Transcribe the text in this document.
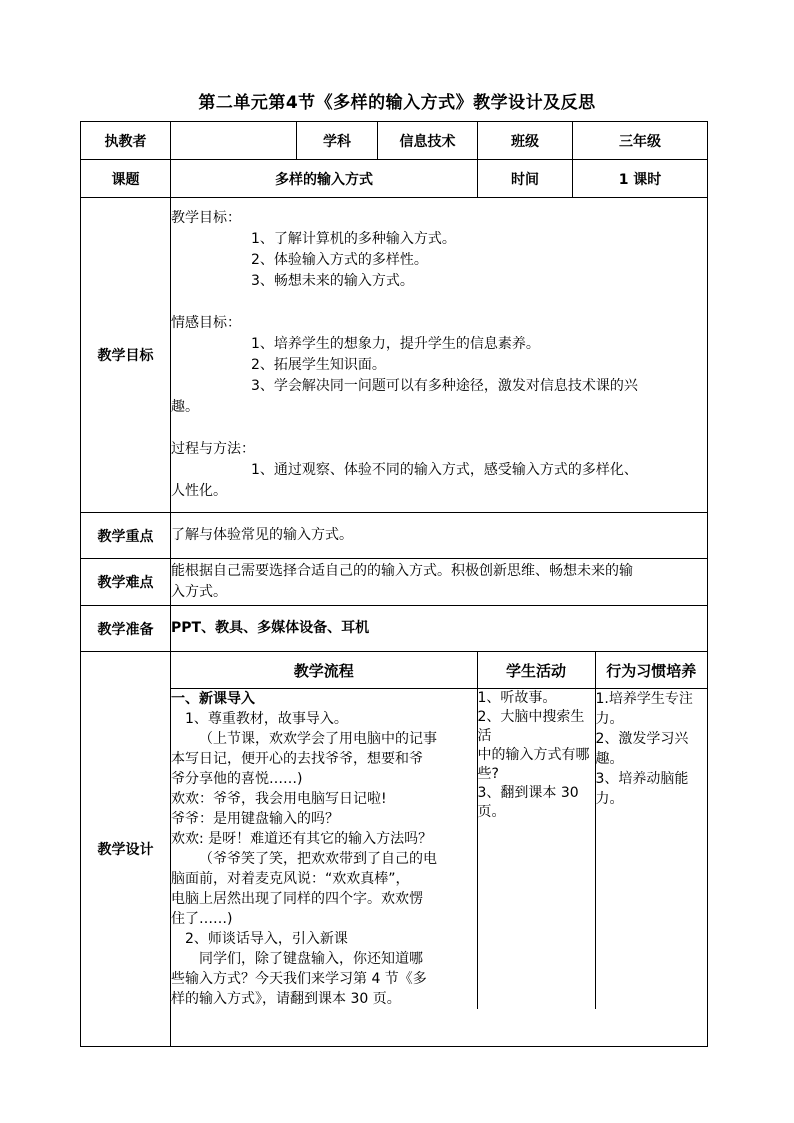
第二单元第4节《多样的输入方式》教学设计及反思
执教者		学科	信息技术	班级	三年级
课题	多样的输入方式	时间	1 课时
教学目标	
教学目标：
1、了解计算机的多种输入方式。
2、体验输入方式的多样性。
3、畅想未来的输入方式。
情感目标：
1、培养学生的想象力，提升学生的信息素养。
2、拓展学生知识面。
3、学会解决同一问题可以有多种途径，激发对信息技术课的兴
趣。
过程与方法：
1、通过观察、体验不同的输入方式，感受输入方式的多样化、
人性化。

教学重点	了解与体验常见的输入方式。
教学难点	
能根据自己需要选择合适自己的的输入方式。积极创新思维、畅想未来的输
入方式。

教学准备	PPT、教具、多媒体设备、耳机
教学设计	
教学流程	学生活动	行为习惯培养

一、新课导入
1、尊重教材，故事导入。
（上节课，欢欢学会了用电脑中的记事
本写日记，便开心的去找爷爷，想要和爷
爷分享他的喜悦……)
欢欢：爷爷，我会用电脑写日记啦!
爷爷：是用键盘输入的吗？
欢欢: 是呀！难道还有其它的输入方法吗？
（爷爷笑了笑，把欢欢带到了自己的电
脑面前，对着麦克风说：“欢欢真棒”，
电脑上居然出现了同样的四个字。欢欢愣
住了……)
2、师谈话导入，引入新课
同学们，除了键盘输入，你还知道哪
些输入方式？今天我们来学习第 4 节《多
样的输入方式》，请翻到课本 30 页。

1、听故事。
2、大脑中搜索生活
中的输入方式有哪
些?
3、翻到课本 30 页。

1.培养学生专注力。
2、激发学习兴趣。
3、培养动脑能力。
